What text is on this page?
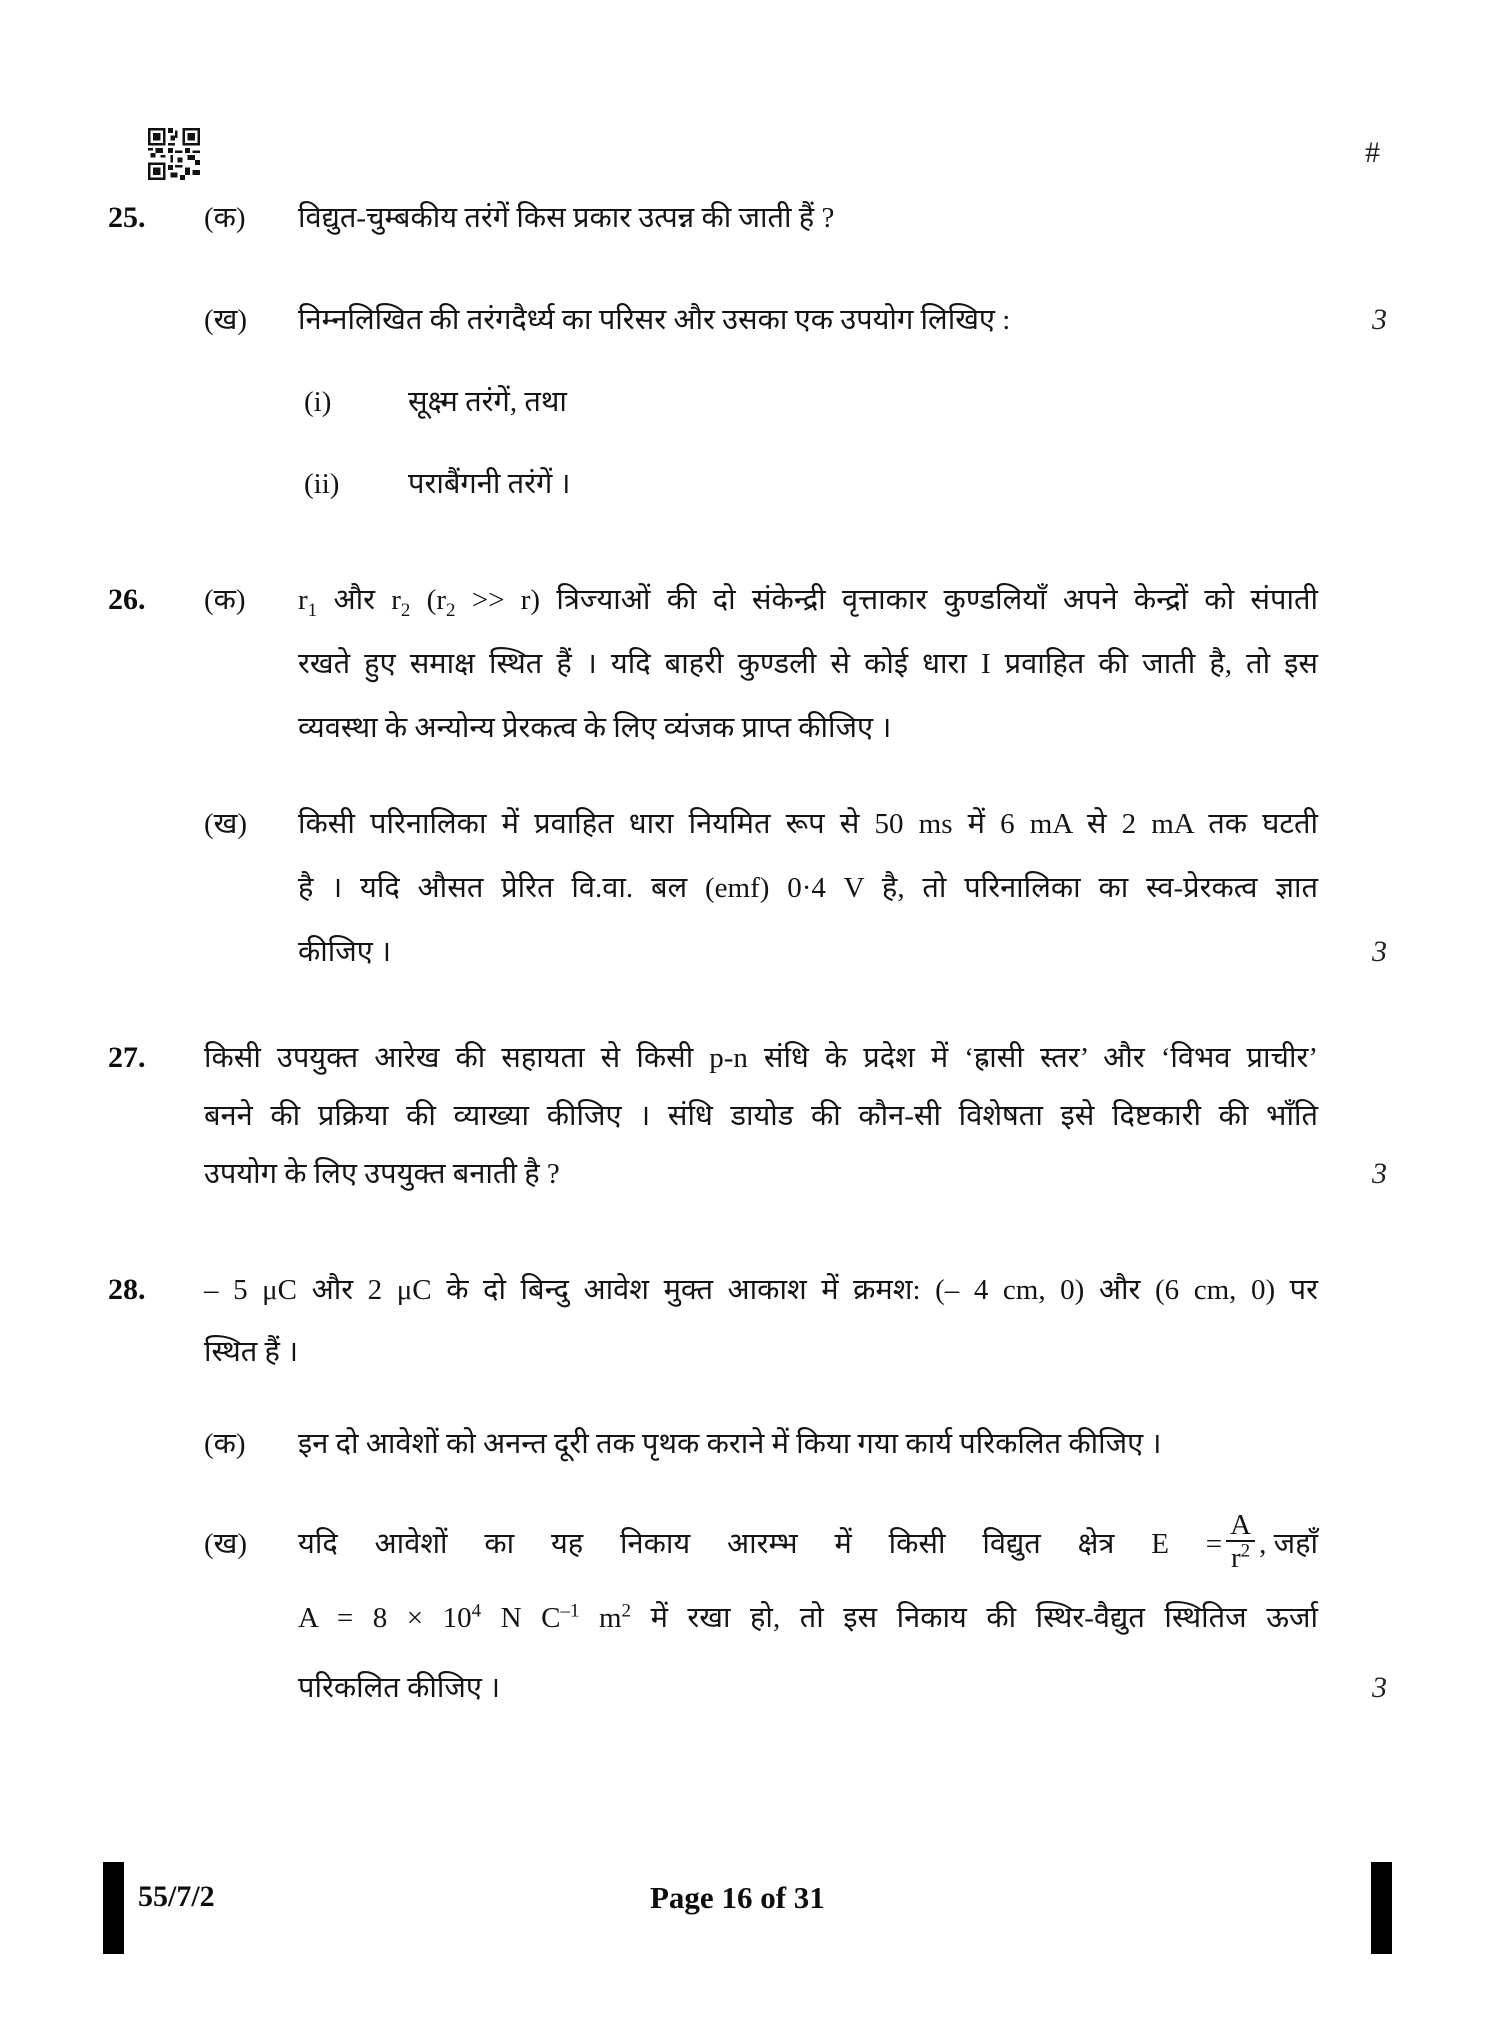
#
25. (क) विद्युत-चुम्बकीय तरंगें किस प्रकार उत्पन्न की जाती हैं ?
(ख) निम्नलिखित की तरंगदैर्ध्य का परिसर और उसका एक उपयोग लिखिए :	3
(i)	सूक्ष्म तरंगें, तथा
(ii) पराबैंगनी तरंगें ।
26. (क) $r_1$ और $r_2$ $(r_2 >> r)$ त्रिज्याओं की दो संकेन्द्री वृत्ताकार कुण्डलियाँ अपने केन्द्रों को संपाती
रखते हुए समाक्ष स्थित हैं । यदि बाहरी कुण्डली से कोई धारा I प्रवाहित की जाती है, तो इस
व्यवस्था के अन्योन्य प्रेरकत्व के लिए व्यंजक प्राप्त कीजिए ।
(ख) किसी परिनालिका में प्रवाहित धारा नियमित रूप से 50 ms में 6 mA से 2 mA तक घटती
है । यदि औसत प्रेरित वि.वा. बल (emf) 0·4 V है, तो परिनालिका का स्व-प्रेरकत्व ज्ञात
कीजिए ।	3
27. किसी उपयुक्त आरेख की सहायता से किसी p-n संधि के प्रदेश में ‘ह्रासी स्तर’ और ‘विभव प्राचीर’
बनने की प्रक्रिया की व्याख्या कीजिए । संधि डायोड की कौन-सी विशेषता इसे दिष्टकारी की भाँति
उपयोग के लिए उपयुक्त बनाती है ?	3
28. – 5 μC और 2 μC के दो बिन्दु आवेश मुक्त आकाश में क्रमश: (– 4 cm, 0) और (6 cm, 0) पर
स्थित हैं ।
(क) इन दो आवेशों को अनन्त दूरी तक पृथक कराने में किया गया कार्य परिकलित कीजिए ।
(ख) यदि आवेशों का यह निकाय आरम्भ में किसी विद्युत क्षेत्र $E = \frac{A}{r^2}$ , जहाँ
$A = 8 \times 10^4$ N $C^{-1}$ $m^2$ में रखा हो, तो इस निकाय की स्थिर-वैद्युत स्थितिज ऊर्जा
परिकलित कीजिए ।	3
55/7/2	Page 16 of 31
